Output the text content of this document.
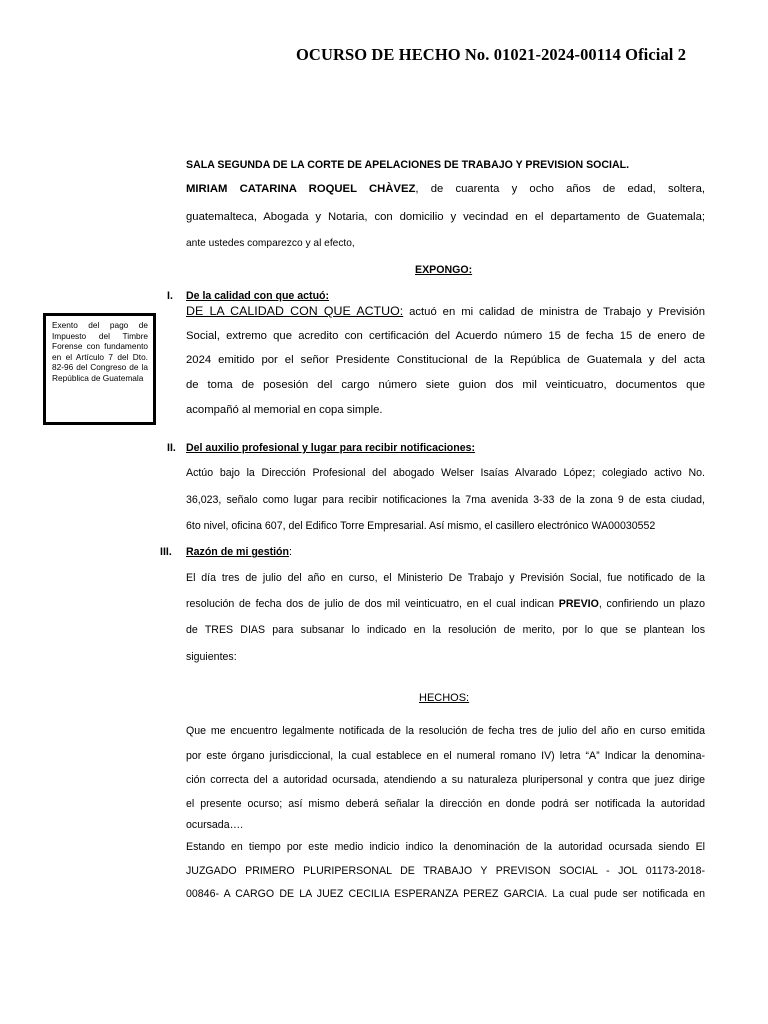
OCURSO DE HECHO No. 01021-2024-00114 Oficial 2
SALA SEGUNDA DE LA CORTE DE APELACIONES DE TRABAJO Y PREVISION SOCIAL.
MIRIAM CATARINA ROQUEL CHÀVEZ, de cuarenta y ocho años de edad, soltera,
guatemalteca, Abogada y Notaria, con domicilio y vecindad en el departamento de Guatemala;
ante ustedes comparezco y al efecto,
EXPONGO:
Exento del pago de Impuesto del Timbre Forense con fundamento en el Artículo 7 del Dto. 82-96 del Congreso de la República de Guatemala
I. De la calidad con que actuó:
DE LA CALIDAD CON QUE ACTUO: actuó en mi calidad de ministra de Trabajo y Previsión
Social, extremo que acredito con certificación del Acuerdo número 15 de fecha 15 de enero de
2024 emitido por el señor Presidente Constitucional de la República de Guatemala y del acta
de toma de posesión del cargo número siete guion dos mil veinticuatro, documentos que
acompañó al memorial en copa simple.
II. Del auxilio profesional y lugar para recibir notificaciones:
Actúo bajo la Dirección Profesional del abogado Welser Isaías Alvarado López; colegiado activo No.
36,023, señalo como lugar para recibir notificaciones la 7ma avenida 3-33 de la zona 9 de esta ciudad,
6to nivel, oficina 607, del Edifico Torre Empresarial. Así mismo, el casillero electrónico WA00030552
III. Razón de mi gestión:
El día tres de julio del año en curso, el Ministerio De Trabajo y Previsión Social, fue notificado de la
resolución de fecha dos de julio de dos mil veinticuatro, en el cual indican PREVIO, confiriendo un plazo
de TRES DIAS para subsanar lo indicado en la resolución de merito, por lo que se plantean los
siguientes:
HECHOS:
Que me encuentro legalmente notificada de la resolución de fecha tres de julio del año en curso emitida
por este órgano jurisdiccional, la cual establece en el numeral romano IV) letra “A” Indicar la denomina-
ción correcta del a autoridad ocursada, atendiendo a su naturaleza pluripersonal y contra que juez dirige
el presente ocurso; así mismo deberá señalar la dirección en donde podrá ser notificada la autoridad
ocursada….
Estando en tiempo por este medio indicio indico la denominación de la autoridad ocursada siendo El
JUZGADO PRIMERO PLURIPERSONAL DE TRABAJO Y PREVISON SOCIAL - JOL 01173-2018-
00846- A CARGO DE LA JUEZ CECILIA ESPERANZA PEREZ GARCIA. La cual pude ser notificada en
